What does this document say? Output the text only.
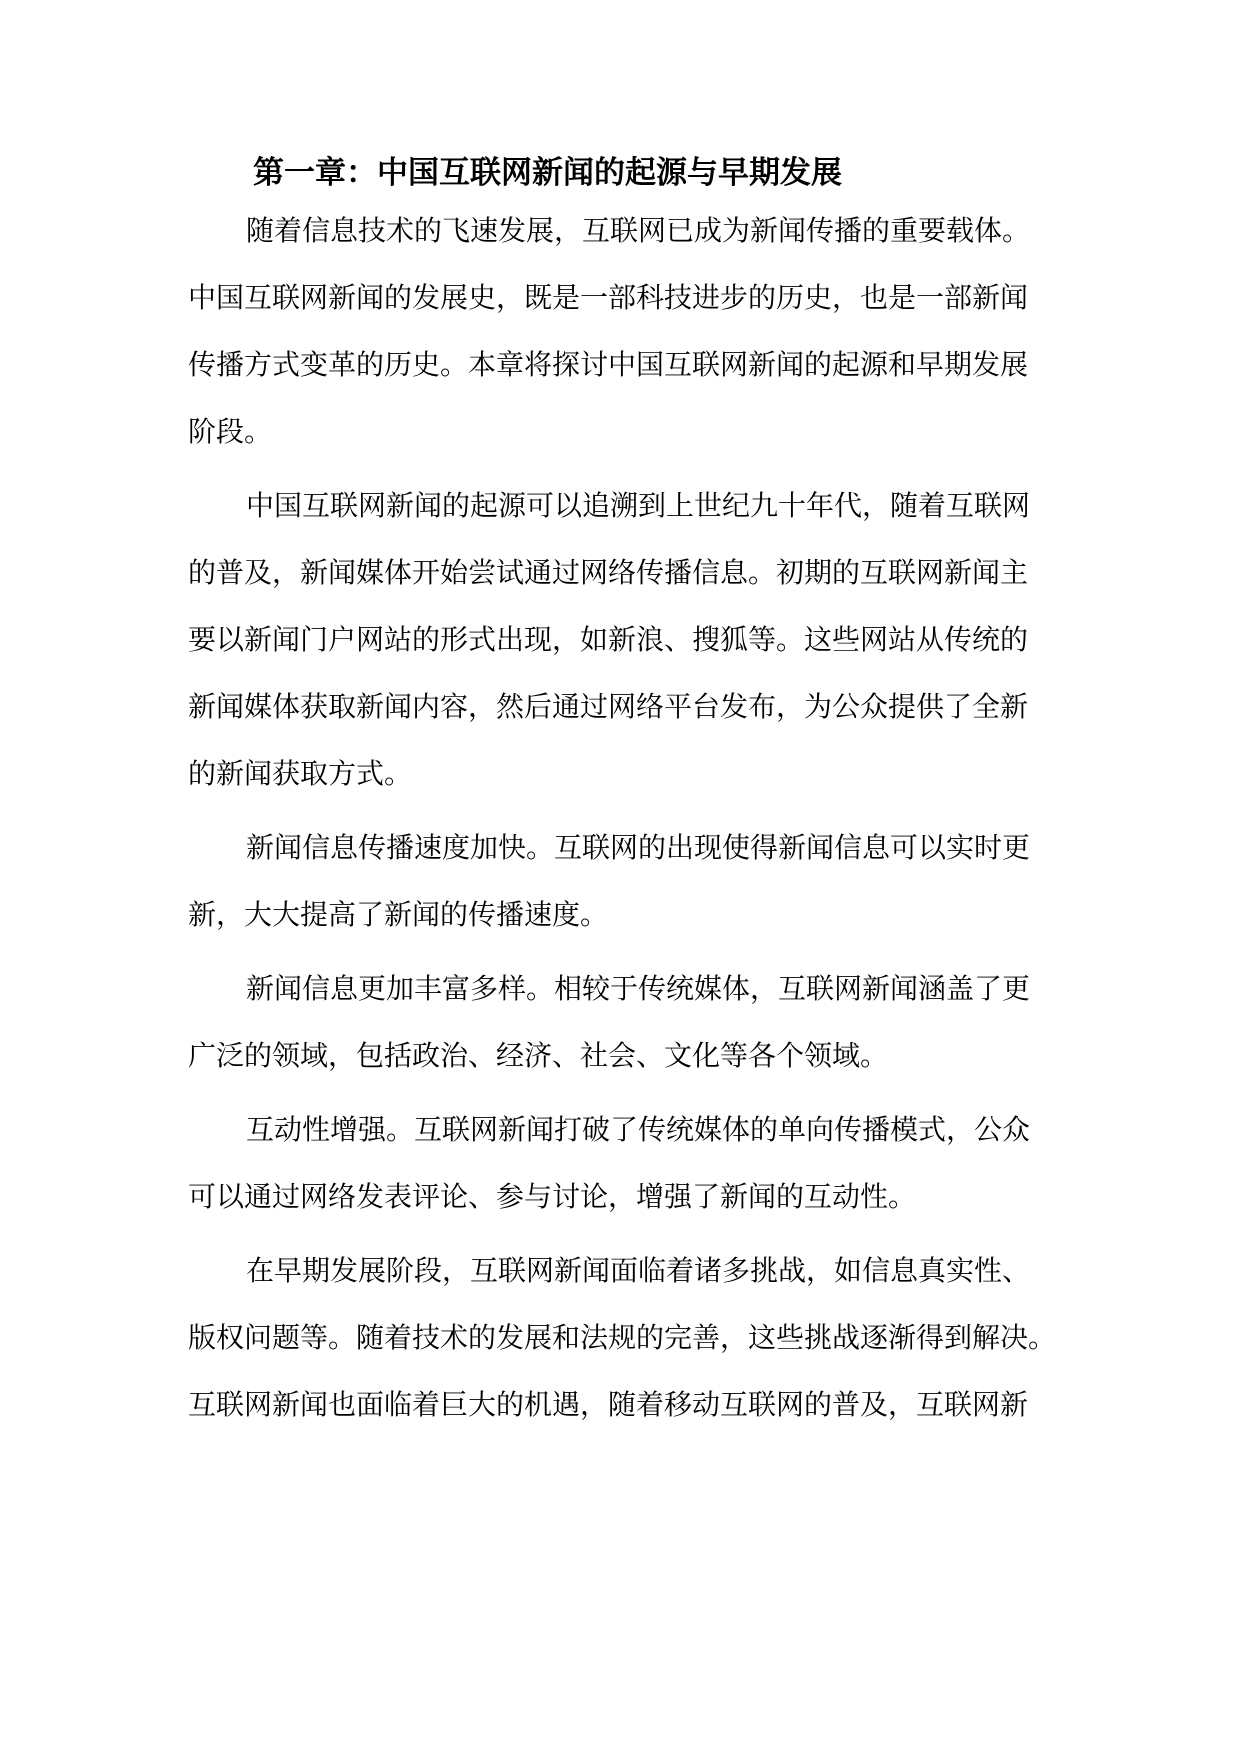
第一章：中国互联网新闻的起源与早期发展

随着信息技术的飞速发展，互联网已成为新闻传播的重要载体。

中国互联网新闻的发展史，既是一部科技进步的历史，也是一部新闻

传播方式变革的历史。本章将探讨中国互联网新闻的起源和早期发展

阶段。

中国互联网新闻的起源可以追溯到上世纪九十年代，随着互联网

的普及，新闻媒体开始尝试通过网络传播信息。初期的互联网新闻主

要以新闻门户网站的形式出现，如新浪、搜狐等。这些网站从传统的

新闻媒体获取新闻内容，然后通过网络平台发布，为公众提供了全新

的新闻获取方式。

新闻信息传播速度加快。互联网的出现使得新闻信息可以实时更

新，大大提高了新闻的传播速度。

新闻信息更加丰富多样。相较于传统媒体，互联网新闻涵盖了更

广泛的领域，包括政治、经济、社会、文化等各个领域。

互动性增强。互联网新闻打破了传统媒体的单向传播模式，公众

可以通过网络发表评论、参与讨论，增强了新闻的互动性。

在早期发展阶段，互联网新闻面临着诸多挑战，如信息真实性、

版权问题等。随着技术的发展和法规的完善，这些挑战逐渐得到解决。

互联网新闻也面临着巨大的机遇，随着移动互联网的普及，互联网新
